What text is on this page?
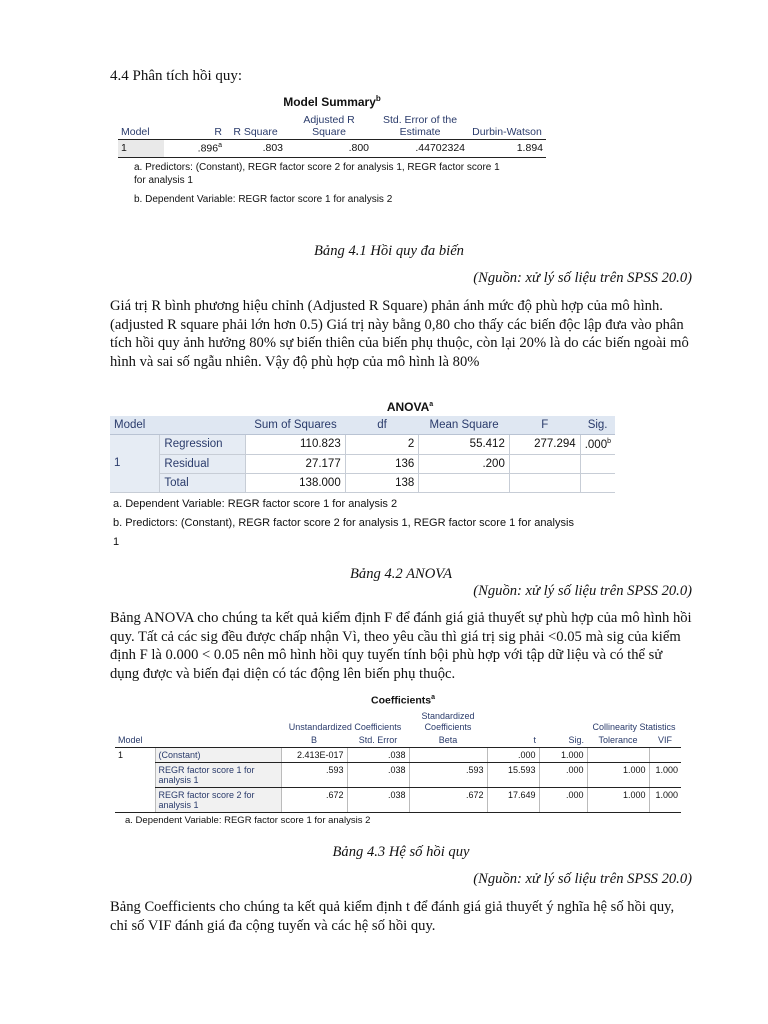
4.4 Phân tích hồi quy:
Model Summary$^b$
Model	R	R Square	Adjusted R Square	Std. Error of the Estimate	Durbin-Watson
1	.896$^a$	.803	.800	.44702324	1.894
a. Predictors: (Constant), REGR factor score 2 for analysis 1, REGR factor score 1 for analysis 1
b. Dependent Variable: REGR factor score 1 for analysis 2
Bảng 4.1 Hồi quy đa biến
(Nguồn: xử lý số liệu trên SPSS 20.0)
Giá trị R bình phương hiệu chỉnh (Adjusted R Square) phản ánh mức độ phù hợp của mô hình. (adjusted R square phải lớn hơn 0.5) Giá trị này bằng 0,80 cho thấy các biến độc lập đưa vào phân tích hồi quy ảnh hưởng 80% sự biến thiên của biến phụ thuộc, còn lại 20% là do các biến ngoài mô hình và sai số ngẫu nhiên. Vậy độ phù hợp của mô hình là 80%
ANOVA$^a$
Model		Sum of Squares	df	Mean Square	F	Sig.
1	Regression	110.823	2	55.412	277.294	.000$^b$
	Residual	27.177	136	.200		
	Total	138.000	138			
a. Dependent Variable: REGR factor score 1 for analysis 2
b. Predictors: (Constant), REGR factor score 2 for analysis 1, REGR factor score 1 for analysis 1
Bảng 4.2 ANOVA
(Nguồn: xử lý số liệu trên SPSS 20.0)
Bảng ANOVA cho chúng ta kết quả kiểm định F để đánh giá giả thuyết sự phù hợp của mô hình hồi quy. Tất cả các sig đều được chấp nhận Vì, theo yêu cầu thì giá trị sig phải <0.05 mà sig của kiểm định F là 0.000 < 0.05 nên mô hình hồi quy tuyến tính bội phù hợp với tập dữ liệu và có thể sử dụng được và biến đại diện có tác động lên biến phụ thuộc.
Coefficients$^a$
		Unstandardized Coefficients		Standardized Coefficients			Collinearity Statistics	
Model		B	Std. Error	Beta	t	Sig.	Tolerance	VIF
1	(Constant)	2.413E-017	.038		.000	1.000		
	REGR factor score 1 for analysis 1	.593	.038	.593	15.593	.000	1.000	1.000
	REGR factor score 2 for analysis 1	.672	.038	.672	17.649	.000	1.000	1.000
a. Dependent Variable: REGR factor score 1 for analysis 2
Bảng 4.3 Hệ số hồi quy
(Nguồn: xử lý số liệu trên SPSS 20.0)
Bảng Coefficients cho chúng ta kết quả kiểm định t để đánh giá giả thuyết ý nghĩa hệ số hồi quy, chỉ số VIF đánh giá đa cộng tuyến và các hệ số hồi quy.
